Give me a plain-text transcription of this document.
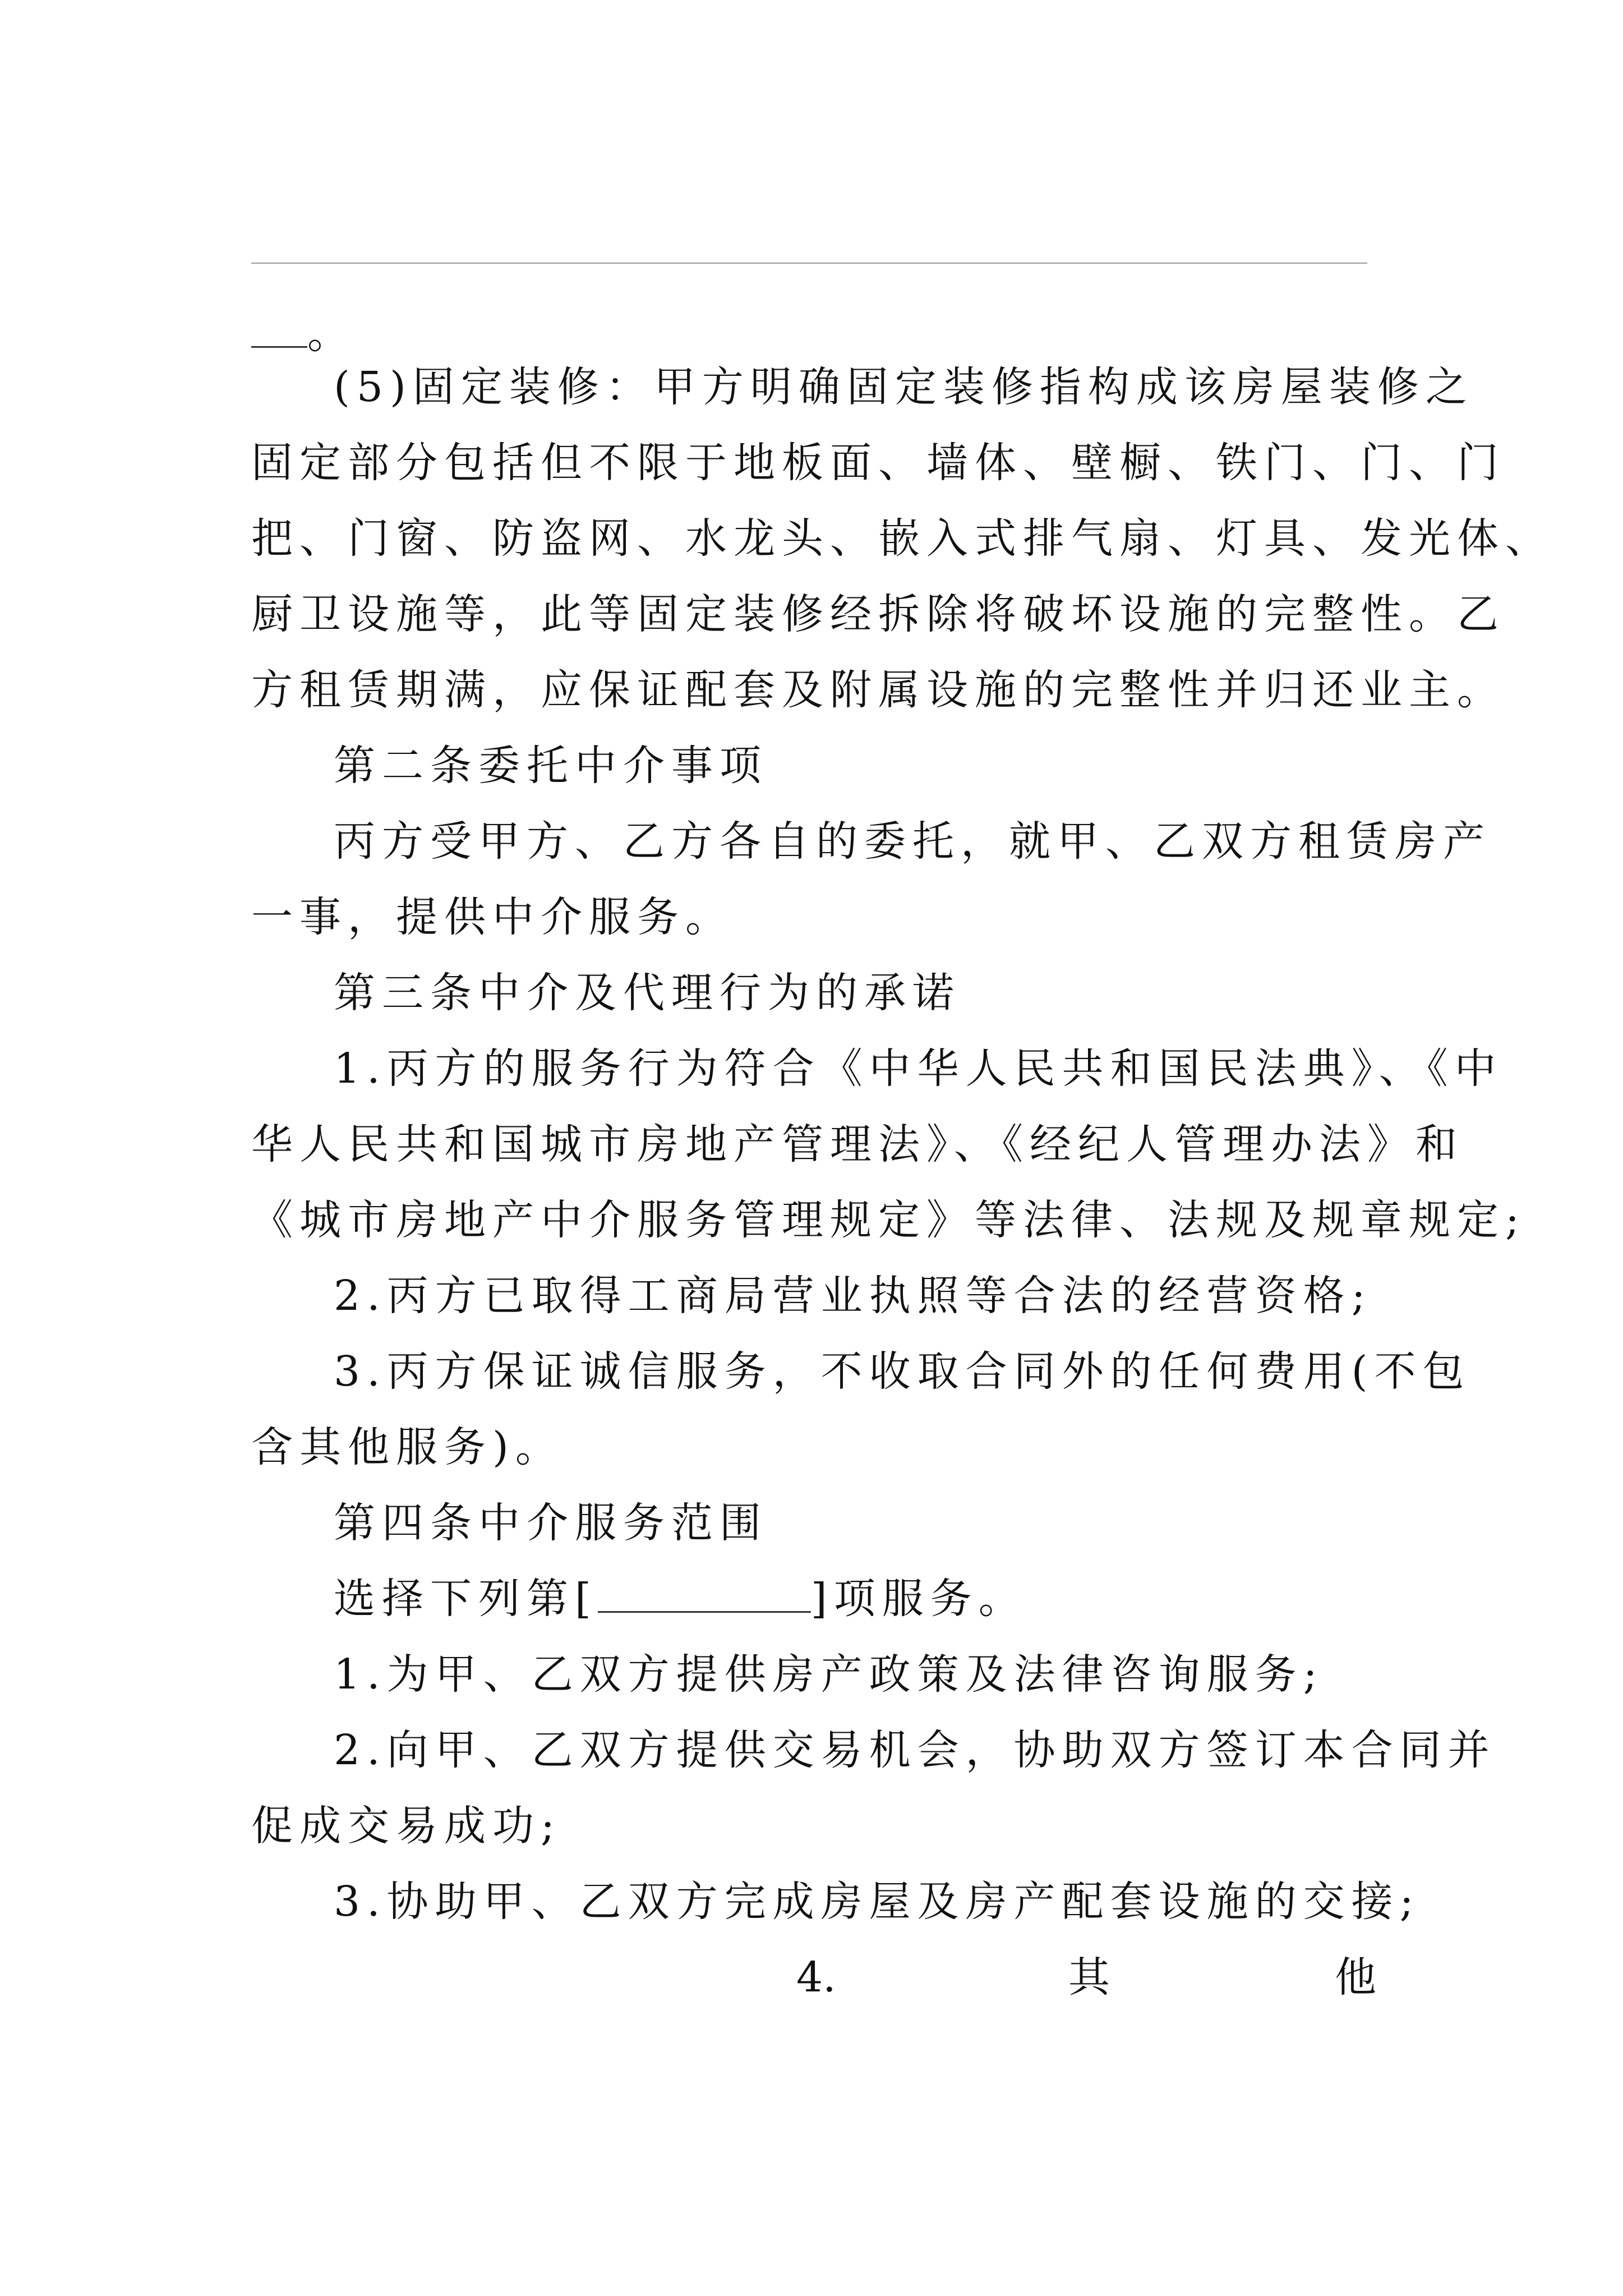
。
(5)固定装修：甲方明确固定装修指构成该房屋装修之
固定部分包括但不限于地板面、墙体、壁橱、铁门、门、门
把、门窗、防盗网、水龙头、嵌入式排气扇、灯具、发光体、
厨卫设施等，此等固定装修经拆除将破坏设施的完整性。乙
方租赁期满，应保证配套及附属设施的完整性并归还业主。
第二条委托中介事项
丙方受甲方、乙方各自的委托，就甲、乙双方租赁房产
一事，提供中介服务。
第三条中介及代理行为的承诺
1.丙方的服务行为符合《中华人民共和国民法典》、《中
华人民共和国城市房地产管理法》、《经纪人管理办法》和
《城市房地产中介服务管理规定》等法律、法规及规章规定;
2.丙方已取得工商局营业执照等合法的经营资格;
3.丙方保证诚信服务，不收取合同外的任何费用(不包
含其他服务)。
第四条中介服务范围
选择下列第[	]项服务。
1.为甲、乙双方提供房产政策及法律咨询服务;
2.向甲、乙双方提供交易机会，协助双方签订本合同并
促成交易成功;
3.协助甲、乙双方完成房屋及房产配套设施的交接;
4.	其	他
